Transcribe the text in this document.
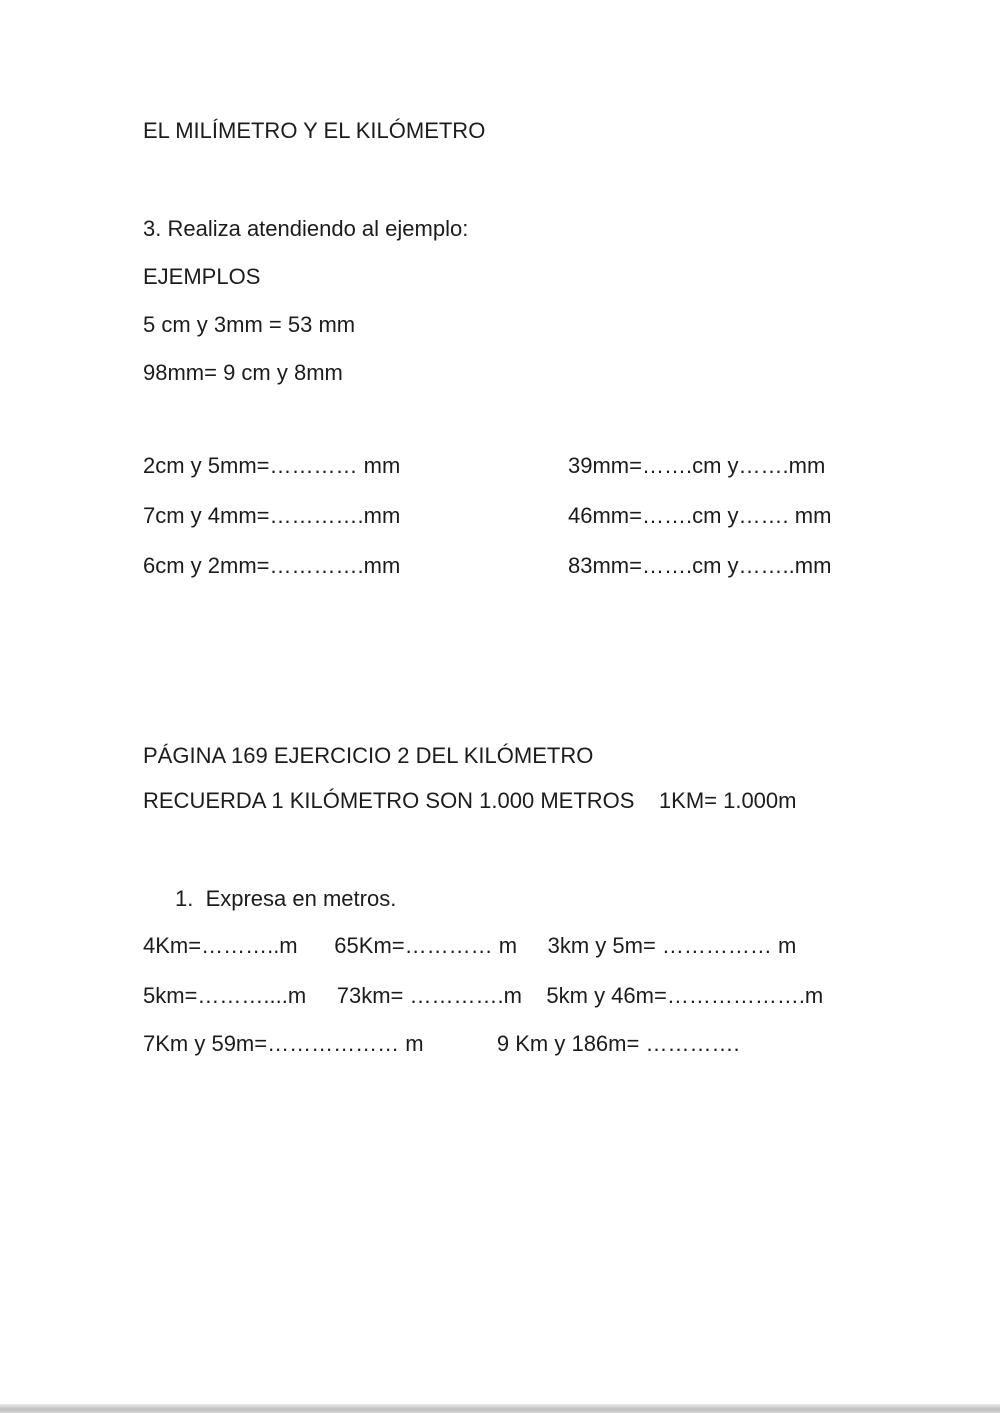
EL MILÍMETRO Y EL KILÓMETRO
3. Realiza atendiendo al ejemplo:
EJEMPLOS
5 cm y 3mm = 53 mm
98mm= 9 cm y 8mm
2cm y 5mm=………… mm	39mm=…….cm y…….mm
7cm y 4mm=………….mm	46mm=…….cm y……. mm
6cm y 2mm=………….mm	83mm=…….cm y……..mm
PÁGINA 169 EJERCICIO 2 DEL KILÓMETRO
RECUERDA 1 KILÓMETRO SON 1.000 METROS    1KM= 1.000m
1.  Expresa en metros.
4Km=………..m      65Km=………… m     3km y 5m= …………… m
5km=………....m     73km= ………….m    5km y 46m=……………….m
7Km y 59m=……………… m            9 Km y 186m= ………….
